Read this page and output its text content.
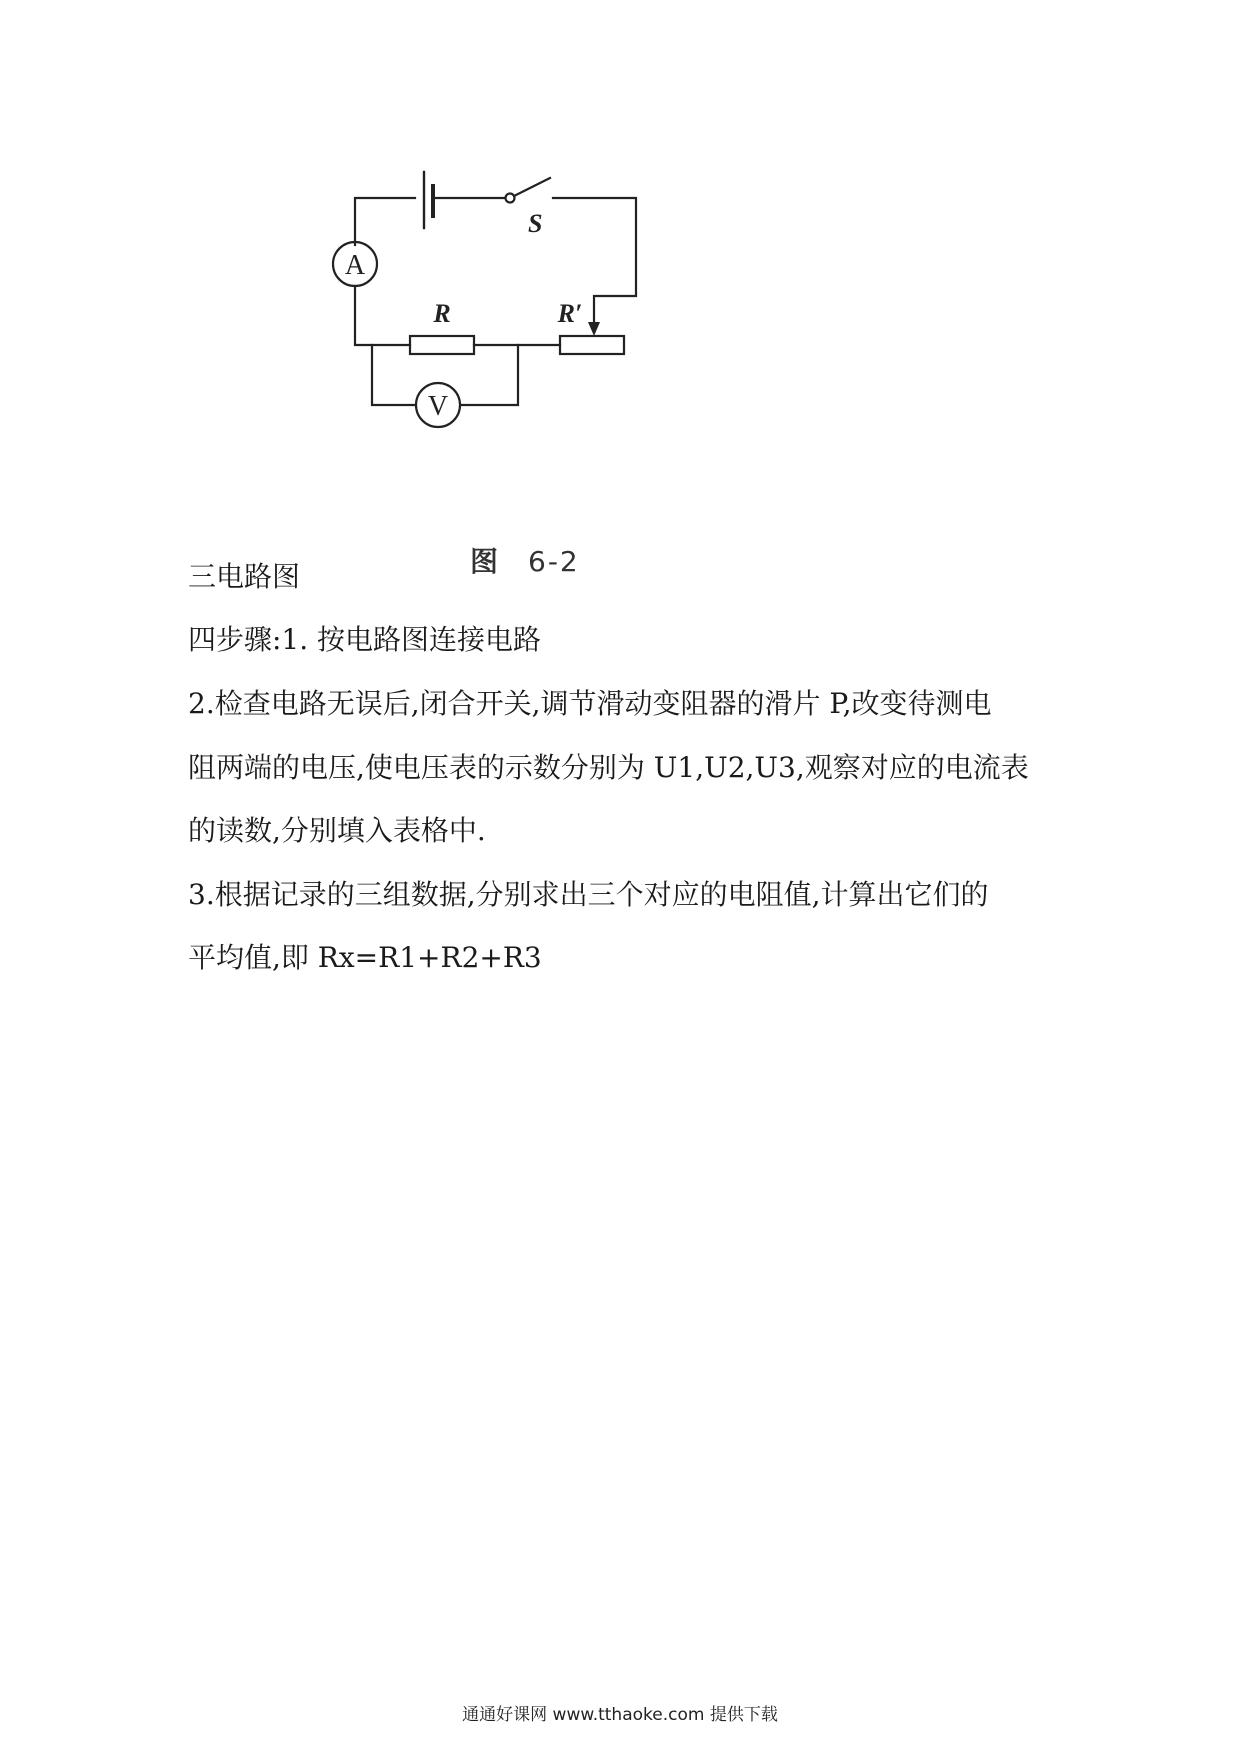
A
V
S
R	R′
图 6-2
三电路图
四步骤:1. 按电路图连接电路
2.检查电路无误后,闭合开关,调节滑动变阻器的滑片 P,改变待测电
阻两端的电压,使电压表的示数分别为 U1,U2,U3,观察对应的电流表
的读数,分别填入表格中.
3.根据记录的三组数据,分别求出三个对应的电阻值,计算出它们的
平均值,即 Rx=R1+R2+R3
通通好课网 www.tthaoke.com 提供下载
